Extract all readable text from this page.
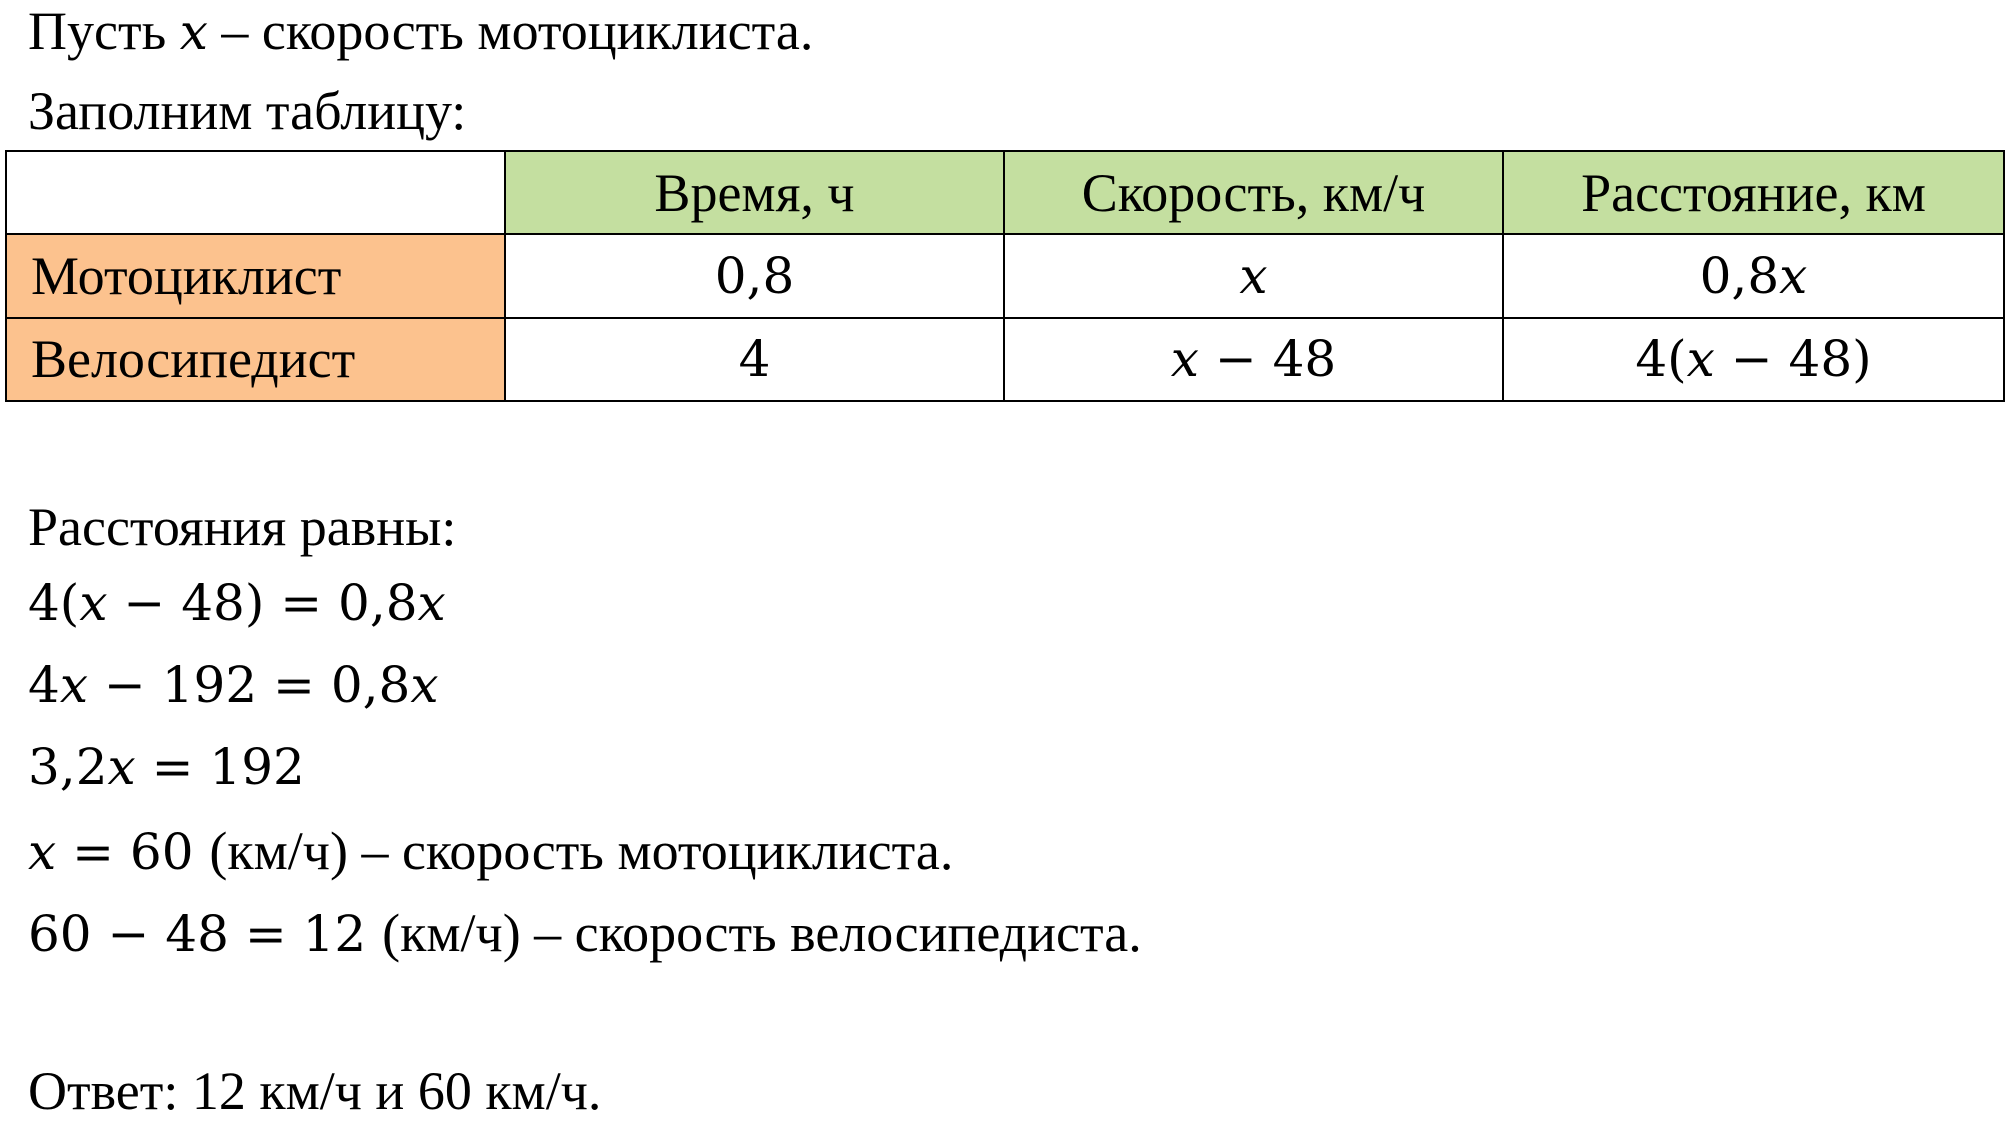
Пусть x – скорость мотоциклиста.
Заполним таблицу:
	Время, ч	Скорость, км/ч	Расстояние, км
Мотоциклист	0,8	x	0,8x
Велосипедист	4	x − 48	4(x − 48)
Расстояния равны:
4(x − 48) = 0,8x
4x − 192 = 0,8x
3,2x = 192
x = 60 (км/ч) – скорость мотоциклиста.
60 − 48 = 12 (км/ч) – скорость велосипедиста.
Ответ: 12 км/ч и 60 км/ч.
